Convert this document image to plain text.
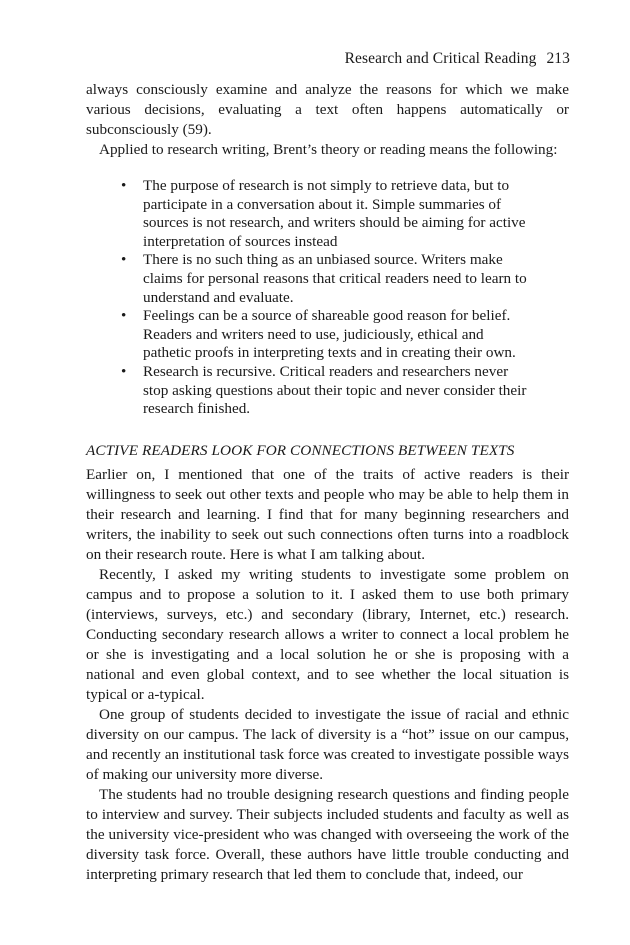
Research and Critical Reading 213

always consciously examine and analyze the reasons for which we make various decisions, evaluating a text often happens automatically or subconsciously (59).

Applied to research writing, Brent’s theory or reading means the following:

• The purpose of research is not simply to retrieve data, but to participate in a conversation about it. Simple summaries of sources is not research, and writers should be aiming for active interpretation of sources instead
• There is no such thing as an unbiased source. Writers make claims for personal reasons that critical readers need to learn to understand and evaluate.
• Feelings can be a source of shareable good reason for belief. Readers and writers need to use, judiciously, ethical and pathetic proofs in interpreting texts and in creating their own.
• Research is recursive. Critical readers and researchers never stop asking questions about their topic and never consider their research finished.
ACTIVE READERS LOOK FOR CONNECTIONS BETWEEN TEXTS

Earlier on, I mentioned that one of the traits of active readers is their willingness to seek out other texts and people who may be able to help them in their research and learning. I find that for many beginning researchers and writers, the inability to seek out such connections often turns into a roadblock on their research route. Here is what I am talking about.

Recently, I asked my writing students to investigate some problem on campus and to propose a solution to it. I asked them to use both primary (interviews, surveys, etc.) and secondary (library, Internet, etc.) research. Conducting secondary research allows a writer to connect a local problem he or she is investigating and a local solution he or she is proposing with a national and even global context, and to see whether the local situation is typical or a-typical.

One group of students decided to investigate the issue of racial and ethnic diversity on our campus. The lack of diversity is a “hot” issue on our campus, and recently an institutional task force was created to investigate possible ways of making our university more diverse.

The students had no trouble designing research questions and finding people to interview and survey. Their subjects included students and faculty as well as the university vice-president who was changed with overseeing the work of the diversity task force. Overall, these authors have little trouble conducting and interpreting primary research that led them to conclude that, indeed, our
